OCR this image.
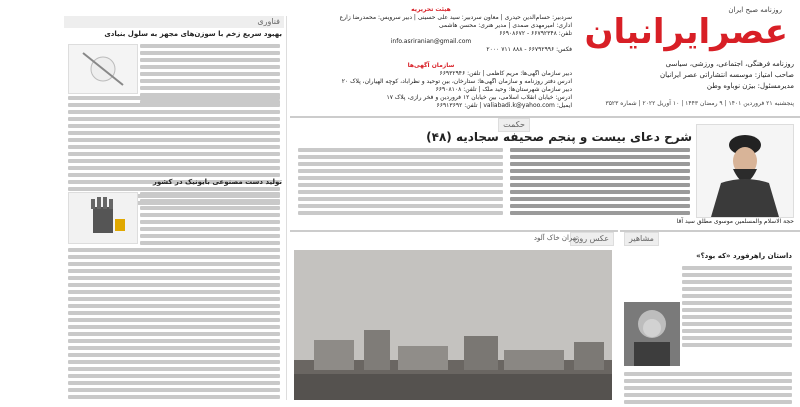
روزنامه صبح ایران
عصرایرانیان
روزنامه فرهنگی، اجتماعی، ورزشی، سیاسی
صاحب امتیاز: موسسه انتشاراتی عصر ایرانیان
مدیرمسئول: بیژن نوباوه وطن
پنجشنبه ۲۱ فروردین ۱۴۰۱ | ۹ رمضان ۱۴۴۳ | ۱۰ آوریل ۲۰۲۲ | شماره ۳۵۲۳
هیئت تحریریه
سردبیر: حسام‌الدین حیدری | معاون سردبیر: سید علی حسینی | دبیر سرویس: محمدرضا زارع
اداری: امیرمهدی صمدی | مدیر هنری: محسن هاشمی
تلفن: ۶۶۷۹۲۳۴۸ - ۶۶۹۰۸۶۷۲
info.asriranian@gmail.com
فکس: ۶۶۷۹۲۹۹۶ - ۸۸۸ ۷۱۱ ۲۰۰۰
سازمان آگهی‌ها
دبیر سازمان آگهی‌ها: مریم کاظمی | تلفن: ۶۶۹۳۲۹۴۶
آدرس دفتر روزنامه و سازمان آگهی‌ها: ستارخان، بین توحید و نظرآباد، کوچه الهیاران، پلاک ۲۰
دبیر سازمان شهرستان‌ها: وحید ملک | تلفن: ۶۶۹۰۸۱۰۸
آدرس: خیابان انقلاب اسلامی، بین خیابان ۱۲ فروردین و فخر رازی، پلاک ۱۷
ایمیل: valiabadi.k@yahoo.com | تلفن: ۶۶۹۱۳۶۹۲
فناوری
بهبود سریع زخم با سوزن‌های مجهز به سلول بنیادی
تولید دست مصنوعی بایونیک در کشور
حکمت
شرح دعای بیست و پنجم صحیفه سجادیه (۴۸)
حجة الاسلام والمسلمین موسوی مطلق سید آقا
عکس روز
تهران خاک آلود	مشاهیر
داستان راهرفورد «که بود؟»
